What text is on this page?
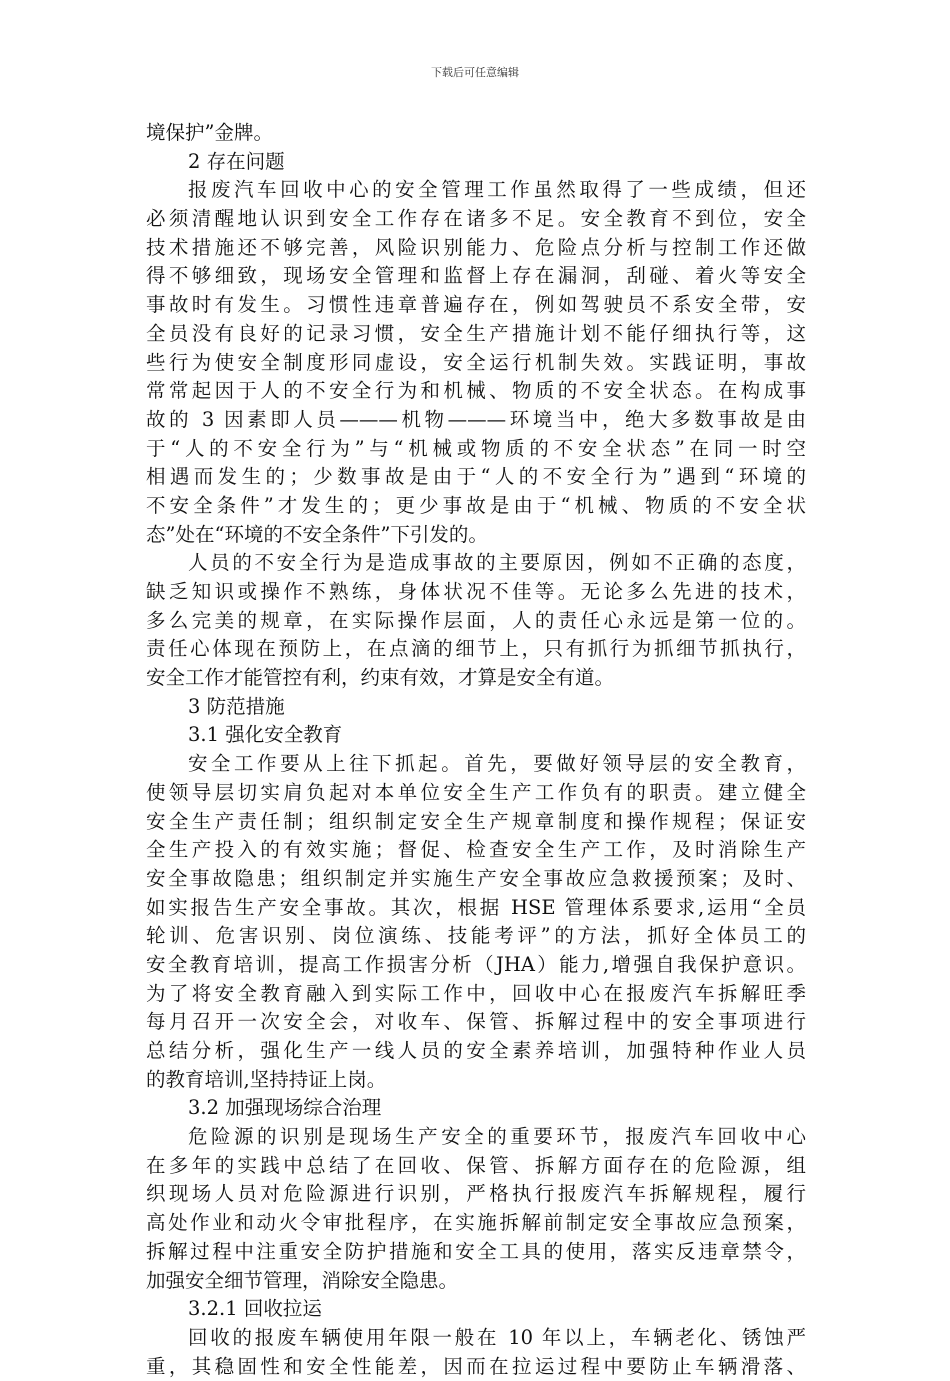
下载后可任意编辑
境保护”金牌。
2 存在问题
报废汽车回收中心的安全管理工作虽然取得了一些成绩，但还
必须清醒地认识到安全工作存在诸多不足。安全教育不到位，安全
技术措施还不够完善，风险识别能力、危险点分析与控制工作还做
得不够细致，现场安全管理和监督上存在漏洞，刮碰、着火等安全
事故时有发生。习惯性违章普遍存在，例如驾驶员不系安全带，安
全员没有良好的记录习惯，安全生产措施计划不能仔细执行等，这
些行为使安全制度形同虚设，安全运行机制失效。实践证明，事故
常常起因于人的不安全行为和机械、物质的不安全状态。在构成事
故的 3 因素即人员———机物———环境当中，绝大多数事故是由
于“人的不安全行为”与“机械或物质的不安全状态”在同一时空
相遇而发生的；少数事故是由于“人的不安全行为”遇到“环境的
不安全条件”才发生的；更少事故是由于“机械、物质的不安全状
态”处在“环境的不安全条件”下引发的。
人员的不安全行为是造成事故的主要原因，例如不正确的态度，
缺乏知识或操作不熟练，身体状况不佳等。无论多么先进的技术，
多么完美的规章，在实际操作层面，人的责任心永远是第一位的。
责任心体现在预防上，在点滴的细节上，只有抓行为抓细节抓执行，
安全工作才能管控有利，约束有效，才算是安全有道。
3 防范措施
3.1 强化安全教育
安全工作要从上往下抓起。首先，要做好领导层的安全教育，
使领导层切实肩负起对本单位安全生产工作负有的职责。建立健全
安全生产责任制；组织制定安全生产规章制度和操作规程；保证安
全生产投入的有效实施；督促、检查安全生产工作，及时消除生产
安全事故隐患；组织制定并实施生产安全事故应急救援预案；及时、
如实报告生产安全事故。其次，根据 HSE 管理体系要求,运用“全员
轮训、危害识别、岗位演练、技能考评”的方法，抓好全体员工的
安全教育培训，提高工作损害分析（JHA）能力,增强自我保护意识。
为了将安全教育融入到实际工作中，回收中心在报废汽车拆解旺季
每月召开一次安全会，对收车、保管、拆解过程中的安全事项进行
总结分析，强化生产一线人员的安全素养培训，加强特种作业人员
的教育培训,坚持持证上岗。
3.2 加强现场综合治理
危险源的识别是现场生产安全的重要环节，报废汽车回收中心
在多年的实践中总结了在回收、保管、拆解方面存在的危险源，组
织现场人员对危险源进行识别，严格执行报废汽车拆解规程，履行
高处作业和动火令审批程序，在实施拆解前制定安全事故应急预案，
拆解过程中注重安全防护措施和安全工具的使用，落实反违章禁令，
加强安全细节管理，消除安全隐患。
3.2.1 回收拉运
回收的报废车辆使用年限一般在 10 年以上，车辆老化、锈蚀严
重，其稳固性和安全性能差，因而在拉运过程中要防止车辆滑落、
